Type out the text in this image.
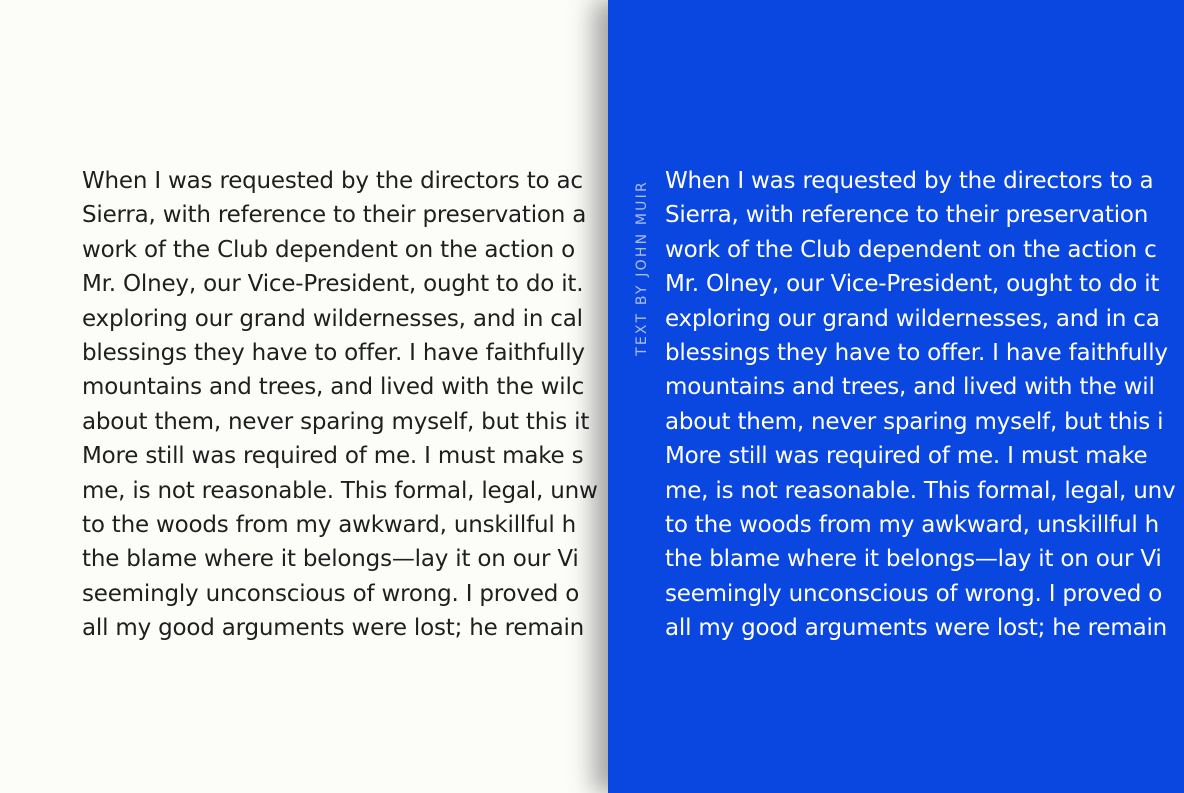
When I was requested by the directors to ac
Sierra, with reference to their preservation a
work of the Club dependent on the action o
Mr. Olney, our Vice-President, ought to do it.
exploring our grand wildernesses, and in cal
blessings they have to offer. I have faithfully
mountains and trees, and lived with the wilc
about them, never sparing myself, but this it
More still was required of me. I must make s
me, is not reasonable. This formal, legal, unw
to the woods from my awkward, unskillful h
the blame where it belongs—lay it on our Vi
seemingly unconscious of wrong. I proved o
all my good arguments were lost; he remain
When I was requested by the directors to a
Sierra, with reference to their preservation
work of the Club dependent on the action c
Mr. Olney, our Vice-President, ought to do it
exploring our grand wildernesses, and in ca
blessings they have to offer. I have faithfully
mountains and trees, and lived with the wil
about them, never sparing myself, but this i
More still was required of me. I must make
me, is not reasonable. This formal, legal, unv
to the woods from my awkward, unskillful h
the blame where it belongs—lay it on our Vi
seemingly unconscious of wrong. I proved o
all my good arguments were lost; he remain
TEXT BY JOHN MUIR
